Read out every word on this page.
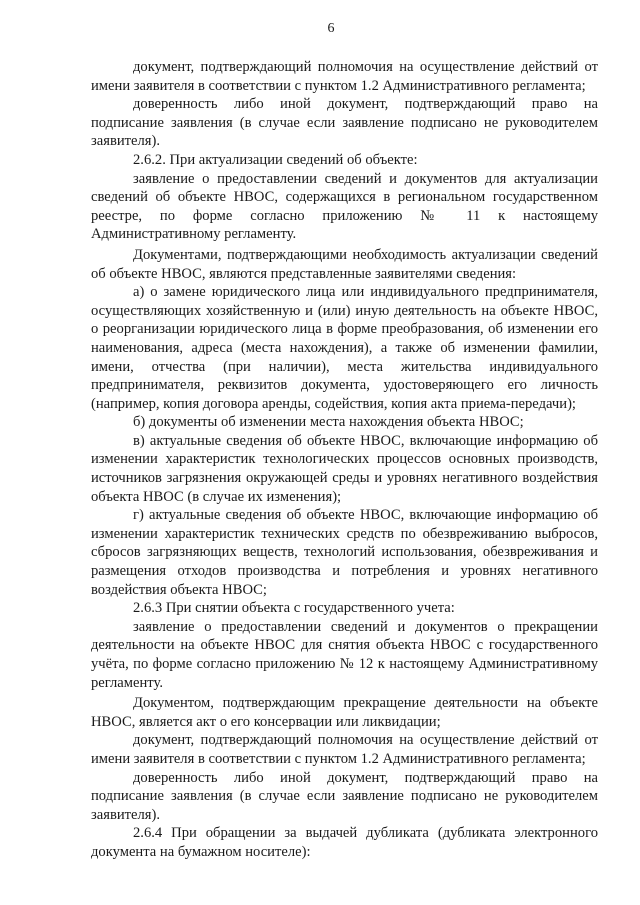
6

документ, подтверждающий полномочия на осуществление действий от имени заявителя в соответствии с пунктом 1.2 Административного регламента;

доверенность либо иной документ, подтверждающий право на подписание заявления (в случае если заявление подписано не руководителем заявителя).

2.6.2. При актуализации сведений об объекте:

заявление о предоставлении сведений и документов для актуализации сведений об объекте НВОС, содержащихся в региональном государственном реестре, по форме согласно приложению № 11 к настоящему Административному регламенту.

Документами, подтверждающими необходимость актуализации сведений об объекте НВОС, являются представленные заявителями сведения:

а) о замене юридического лица или индивидуального предпринимателя, осуществляющих хозяйственную и (или) иную деятельность на объекте НВОС, о реорганизации юридического лица в форме преобразования, об изменении его наименования, адреса (места нахождения), а также об изменении фамилии, имени, отчества (при наличии), места жительства индивидуального предпринимателя, реквизитов документа, удостоверяющего его личность (например, копия договора аренды, содействия, копия акта приема-передачи);

б) документы об изменении места нахождения объекта НВОС;

в) актуальные сведения об объекте НВОС, включающие информацию об изменении характеристик технологических процессов основных производств, источников загрязнения окружающей среды и уровнях негативного воздействия объекта НВОС (в случае их изменения);

г) актуальные сведения об объекте НВОС, включающие информацию об изменении характеристик технических средств по обезвреживанию выбросов, сбросов загрязняющих веществ, технологий использования, обезвреживания и размещения отходов производства и потребления и уровнях негативного воздействия объекта НВОС;

2.6.3 При снятии объекта с государственного учета:

заявление о предоставлении сведений и документов о прекращении деятельности на объекте НВОС для снятия объекта НВОС с государственного учёта, по форме согласно приложению № 12 к настоящему Административному регламенту.

Документом, подтверждающим прекращение деятельности на объекте НВОС, является акт о его консервации или ликвидации;

документ, подтверждающий полномочия на осуществление действий от имени заявителя в соответствии с пунктом 1.2 Административного регламента;

доверенность либо иной документ, подтверждающий право на подписание заявления (в случае если заявление подписано не руководителем заявителя).

2.6.4 При обращении за выдачей дубликата (дубликата электронного документа на бумажном носителе):
